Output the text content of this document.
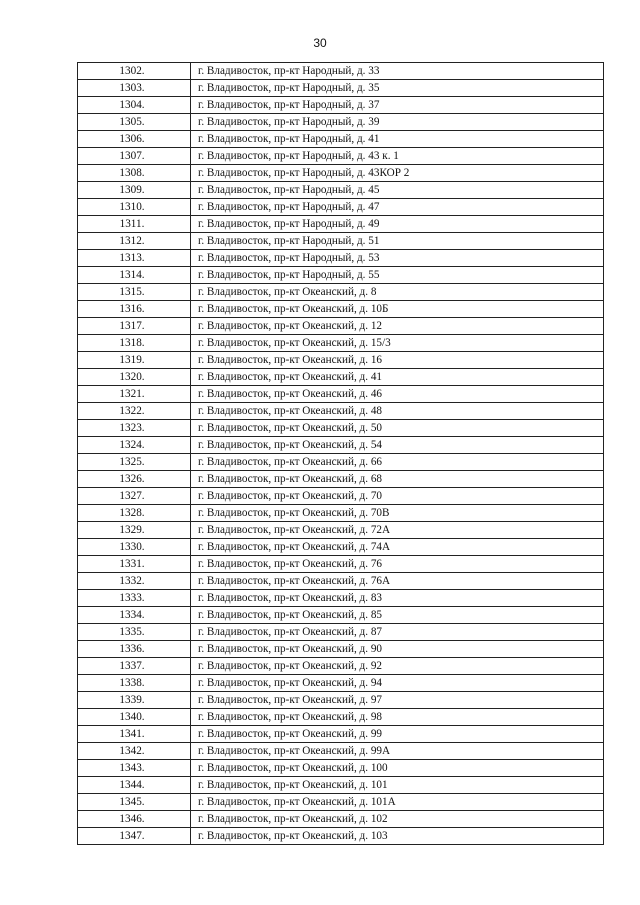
30
1302.	г. Владивосток, пр-кт Народный, д. 33
1303.	г. Владивосток, пр-кт Народный, д. 35
1304.	г. Владивосток, пр-кт Народный, д. 37
1305.	г. Владивосток, пр-кт Народный, д. 39
1306.	г. Владивосток, пр-кт Народный, д. 41
1307.	г. Владивосток, пр-кт Народный, д. 43 к. 1
1308.	г. Владивосток, пр-кт Народный, д. 43КОР 2
1309.	г. Владивосток, пр-кт Народный, д. 45
1310.	г. Владивосток, пр-кт Народный, д. 47
1311.	г. Владивосток, пр-кт Народный, д. 49
1312.	г. Владивосток, пр-кт Народный, д. 51
1313.	г. Владивосток, пр-кт Народный, д. 53
1314.	г. Владивосток, пр-кт Народный, д. 55
1315.	г. Владивосток, пр-кт Океанский, д. 8
1316.	г. Владивосток, пр-кт Океанский, д. 10Б
1317.	г. Владивосток, пр-кт Океанский, д. 12
1318.	г. Владивосток, пр-кт Океанский, д. 15/3
1319.	г. Владивосток, пр-кт Океанский, д. 16
1320.	г. Владивосток, пр-кт Океанский, д. 41
1321.	г. Владивосток, пр-кт Океанский, д. 46
1322.	г. Владивосток, пр-кт Океанский, д. 48
1323.	г. Владивосток, пр-кт Океанский, д. 50
1324.	г. Владивосток, пр-кт Океанский, д. 54
1325.	г. Владивосток, пр-кт Океанский, д. 66
1326.	г. Владивосток, пр-кт Океанский, д. 68
1327.	г. Владивосток, пр-кт Океанский, д. 70
1328.	г. Владивосток, пр-кт Океанский, д. 70В
1329.	г. Владивосток, пр-кт Океанский, д. 72А
1330.	г. Владивосток, пр-кт Океанский, д. 74А
1331.	г. Владивосток, пр-кт Океанский, д. 76
1332.	г. Владивосток, пр-кт Океанский, д. 76А
1333.	г. Владивосток, пр-кт Океанский, д. 83
1334.	г. Владивосток, пр-кт Океанский, д. 85
1335.	г. Владивосток, пр-кт Океанский, д. 87
1336.	г. Владивосток, пр-кт Океанский, д. 90
1337.	г. Владивосток, пр-кт Океанский, д. 92
1338.	г. Владивосток, пр-кт Океанский, д. 94
1339.	г. Владивосток, пр-кт Океанский, д. 97
1340.	г. Владивосток, пр-кт Океанский, д. 98
1341.	г. Владивосток, пр-кт Океанский, д. 99
1342.	г. Владивосток, пр-кт Океанский, д. 99А
1343.	г. Владивосток, пр-кт Океанский, д. 100
1344.	г. Владивосток, пр-кт Океанский, д. 101
1345.	г. Владивосток, пр-кт Океанский, д. 101А
1346.	г. Владивосток, пр-кт Океанский, д. 102
1347.	г. Владивосток, пр-кт Океанский, д. 103
